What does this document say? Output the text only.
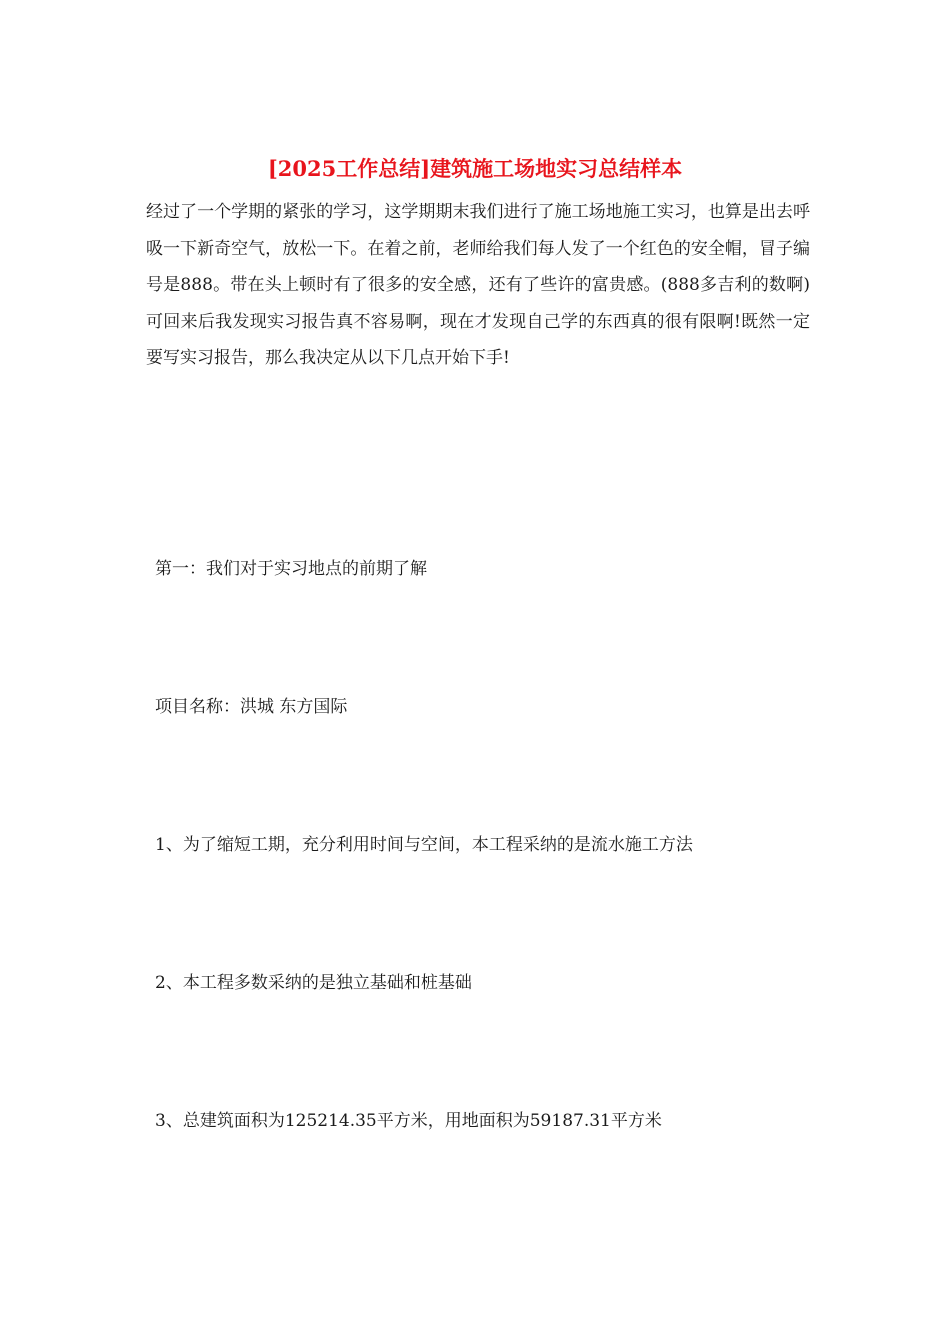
[2025工作总结]建筑施工场地实习总结样本

经过了一个学期的紧张的学习，这学期期末我们进行了施工场地施工实习，也算是出去呼吸一下新奇空气，放松一下。在着之前，老师给我们每人发了一个红色的安全帽，冒子编号是888。带在头上顿时有了很多的安全感，还有了些许的富贵感。(888多吉利的数啊)可回来后我发现实习报告真不容易啊，现在才发现自己学的东西真的很有限啊!既然一定要写实习报告，那么我决定从以下几点开始下手!

第一：我们对于实习地点的前期了解
项目名称：洪城 东方国际
1、为了缩短工期，充分利用时间与空间，本工程采纳的是流水施工方法
2、本工程多数采纳的是独立基础和桩基础
3、总建筑面积为125214.35平方米，用地面积为59187.31平方米
